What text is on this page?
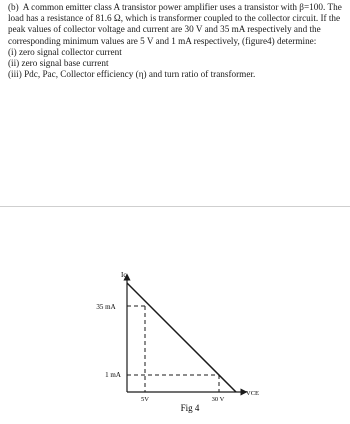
(b) A common emitter class A transistor power amplifier uses a transistor with β=100. The load has a resistance of 81.6 Ω, which is transformer coupled to the collector circuit. If the peak values of collector voltage and current are 30 V and 35 mA respectively and the corresponding minimum values are 5 V and 1 mA respectively, (figure4) determine:

(i) zero signal collector current
(ii) zero signal base current
(iii) Pdc, Pac, Collector efficiency (η) and turn ratio of transformer.
Ic
VCE
35 mA
1 mA
5V	30 V
Fig 4
